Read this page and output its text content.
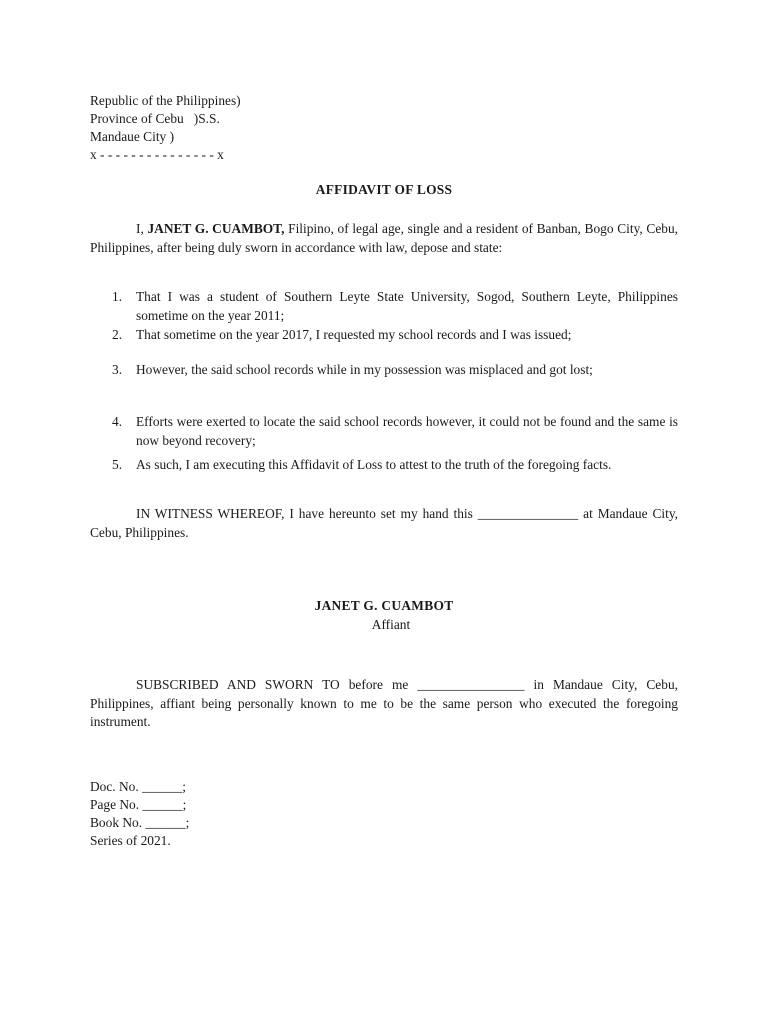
Republic of the Philippines)
Province of Cebu   )S.S.
Mandaue City )
x - - - - - - - - - - - - - - - x
AFFIDAVIT OF LOSS

I, JANET G. CUAMBOT, Filipino, of legal age, single and a resident of Banban, Bogo City, Cebu, Philippines, after being duly sworn in accordance with law, depose and state:

1. That I was a student of Southern Leyte State University, Sogod, Southern Leyte, Philippines sometime on the year 2011;
2. That sometime on the year 2017, I requested my school records and I was issued;
3. However, the said school records while in my possession was misplaced and got lost;
4. Efforts were exerted to locate the said school records however, it could not be found and the same is now beyond recovery;
5. As such, I am executing this Affidavit of Loss to attest to the truth of the foregoing facts.

IN WITNESS WHEREOF, I have hereunto set my hand this _______________ at Mandaue City, Cebu, Philippines.

JANET G. CUAMBOT
Affiant

SUBSCRIBED AND SWORN TO before me ________________ in Mandaue City, Cebu, Philippines, affiant being personally known to me to be the same person who executed the foregoing instrument.

Doc. No. ______;
Page No. ______;
Book No. ______;
Series of 2021.
